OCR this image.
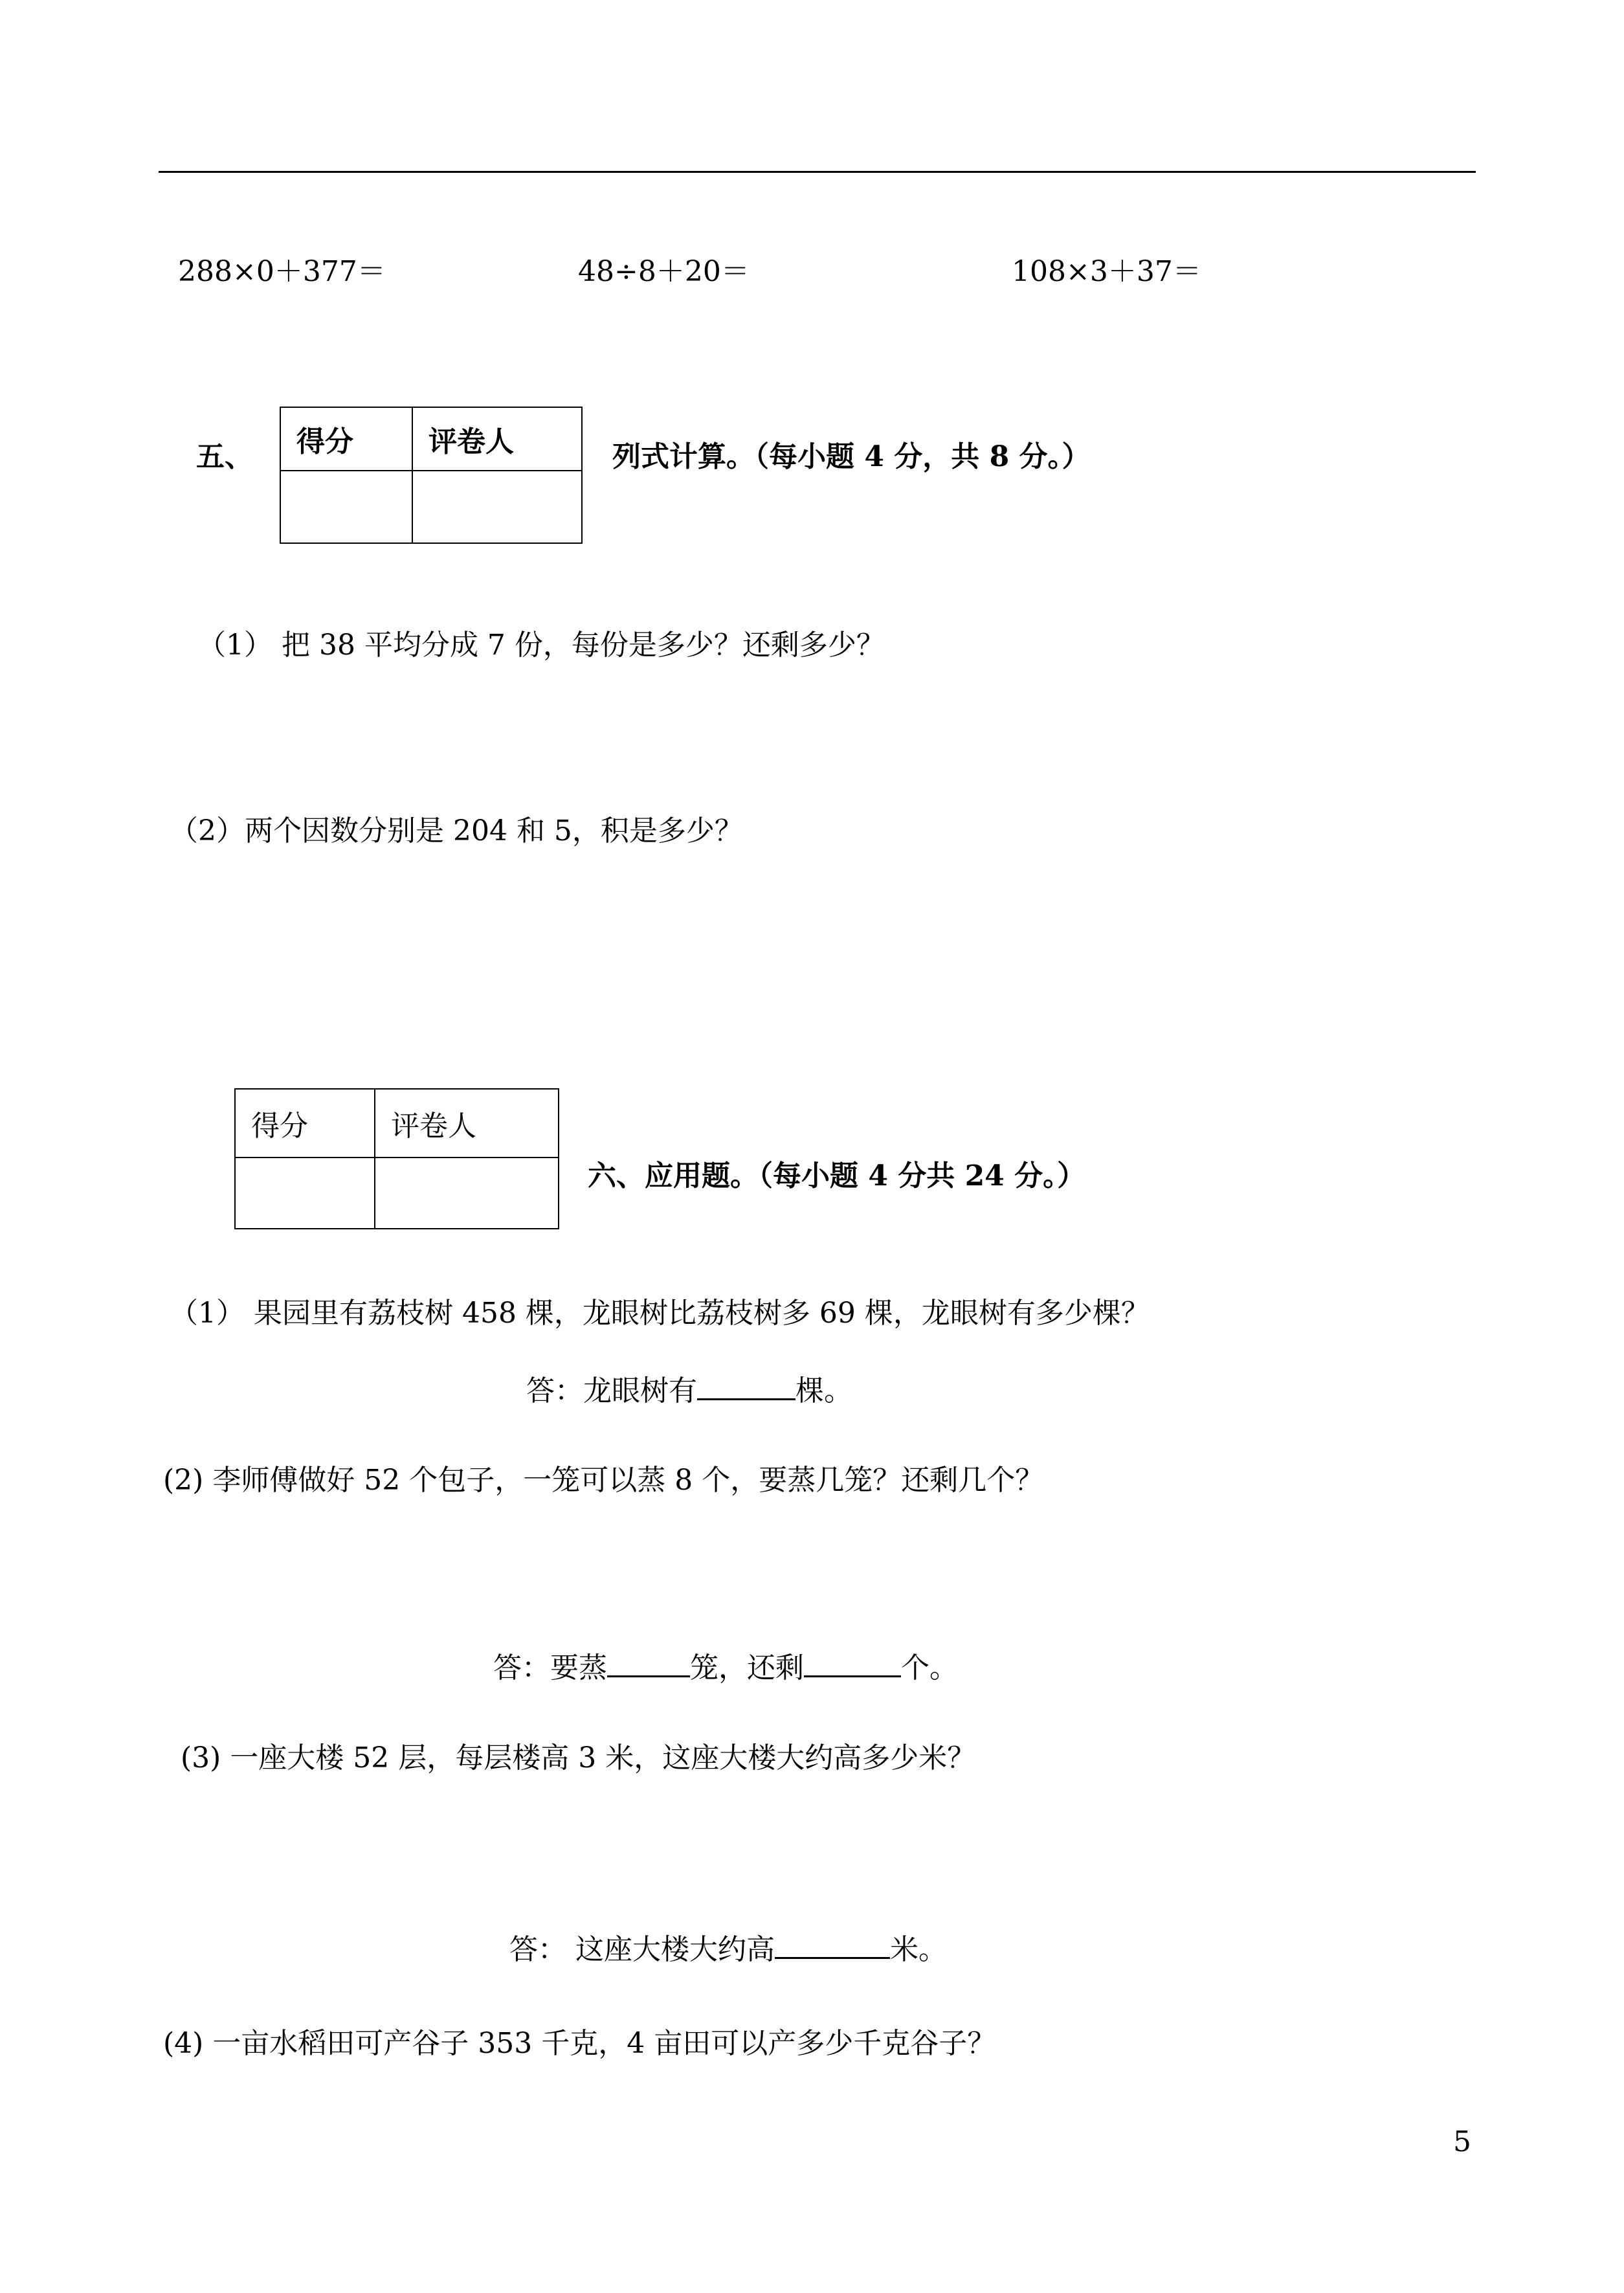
288×0＋377＝	48÷8＋20＝	108×3＋37＝
五、 得分	评卷人
		列式计算。（每小题 4 分，共 8 分。）
（1） 把 38 平均分成 7 份，每份是多少？还剩多少？
（2）两个因数分别是 204 和 5，积是多少？
得分	评卷人

六、应用题。（每小题 4 分共 24 分。）
（1） 果园里有荔枝树 458 棵，龙眼树比荔枝树多 69 棵，龙眼树有多少棵？
答：龙眼树有	棵。
(2) 李师傅做好 52 个包子，一笼可以蒸 8 个，要蒸几笼？还剩几个？
答：要蒸	笼，还剩	个。
(3) 一座大楼 52 层，每层楼高 3 米，这座大楼大约高多少米？
答： 这座大楼大约高	米。
(4) 一亩水稻田可产谷子 353 千克，4 亩田可以产多少千克谷子？
5
